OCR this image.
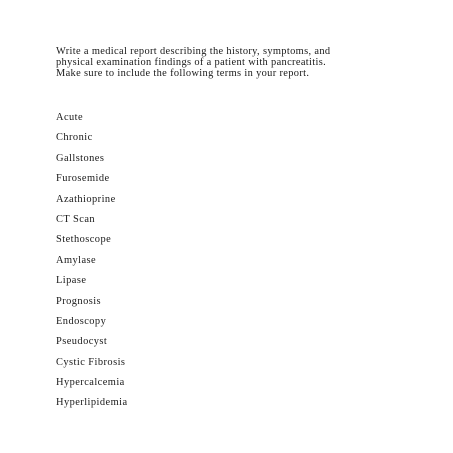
Write a medical report describing the history, symptoms, and
physical examination findings of a patient with pancreatitis.
Make sure to include the following terms in your report.

Acute
Chronic
Gallstones
Furosemide
Azathioprine
CT Scan
Stethoscope
Amylase
Lipase
Prognosis
Endoscopy
Pseudocyst
Cystic Fibrosis
Hypercalcemia
Hyperlipidemia
